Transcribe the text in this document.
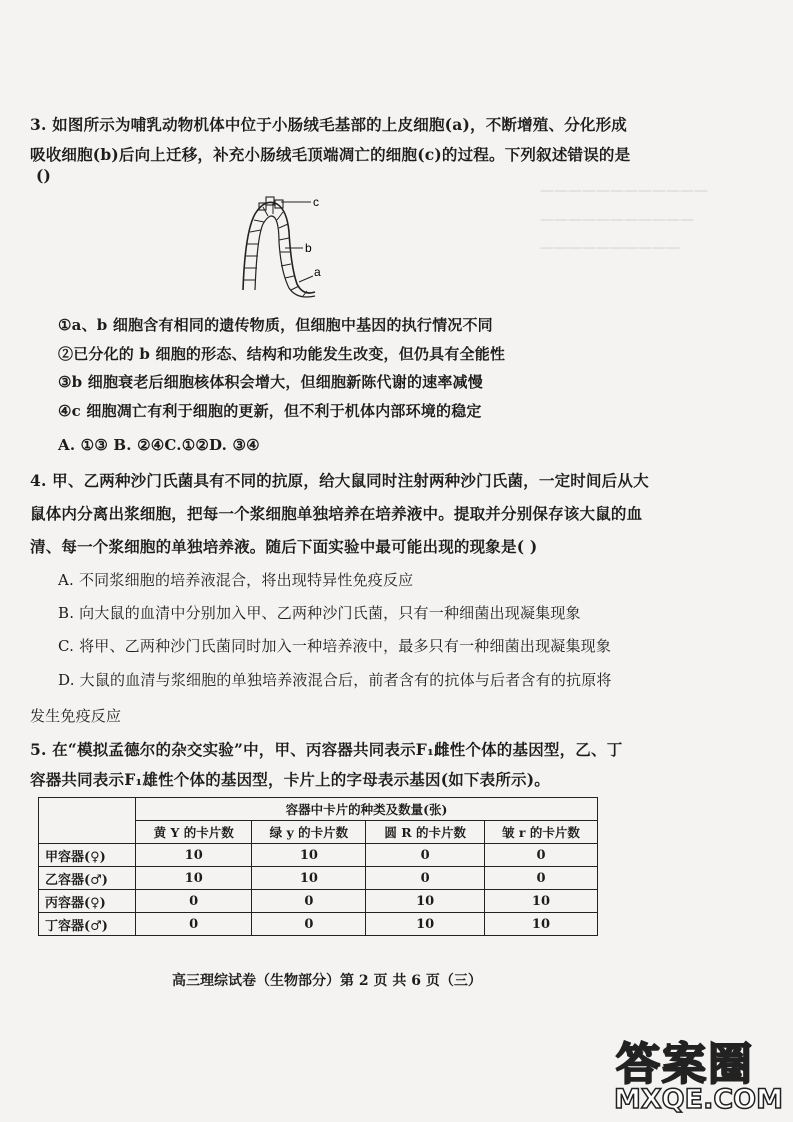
————————————
———————————
——————————
3. 如图所示为哺乳动物机体中位于小肠绒毛基部的上皮细胞(a)，不断增殖、分化形成
吸收细胞(b)后向上迁移，补充小肠绒毛顶端凋亡的细胞(c)的过程。下列叙述错误的是
()
c
b
a
①a、b 细胞含有相同的遗传物质，但细胞中基因的执行情况不同
②已分化的 b 细胞的形态、结构和功能发生改变，但仍具有全能性
③b 细胞衰老后细胞核体积会增大，但细胞新陈代谢的速率减慢
④c 细胞凋亡有利于细胞的更新，但不利于机体内部环境的稳定
A. ①③ B. ②④C.①②D. ③④
4. 甲、乙两种沙门氏菌具有不同的抗原，给大鼠同时注射两种沙门氏菌，一定时间后从大
鼠体内分离出浆细胞，把每一个浆细胞单独培养在培养液中。提取并分别保存该大鼠的血
清、每一个浆细胞的单独培养液。随后下面实验中最可能出现的现象是( )
A. 不同浆细胞的培养液混合，将出现特异性免疫反应
B. 向大鼠的血清中分别加入甲、乙两种沙门氏菌，只有一种细菌出现凝集现象
C. 将甲、乙两种沙门氏菌同时加入一种培养液中，最多只有一种细菌出现凝集现象
D. 大鼠的血清与浆细胞的单独培养液混合后，前者含有的抗体与后者含有的抗原将
发生免疫反应
5. 在“模拟孟德尔的杂交实验”中，甲、丙容器共同表示F₁雌性个体的基因型，乙、丁
容器共同表示F₁雄性个体的基因型，卡片上的字母表示基因(如下表所示)。
	容器中卡片的种类及数量(张)			
	黄 Y 的卡片数	绿 y 的卡片数	圆 R 的卡片数	皱 r 的卡片数
甲容器(♀)	10	10	0	0
乙容器(♂)	10	10	0	0
丙容器(♀)	0	0	10	10
丁容器(♂)	0	0	10	10
高三理综试卷（生物部分）第 2 页 共 6 页（三）
答案圈
MXQE.COM
